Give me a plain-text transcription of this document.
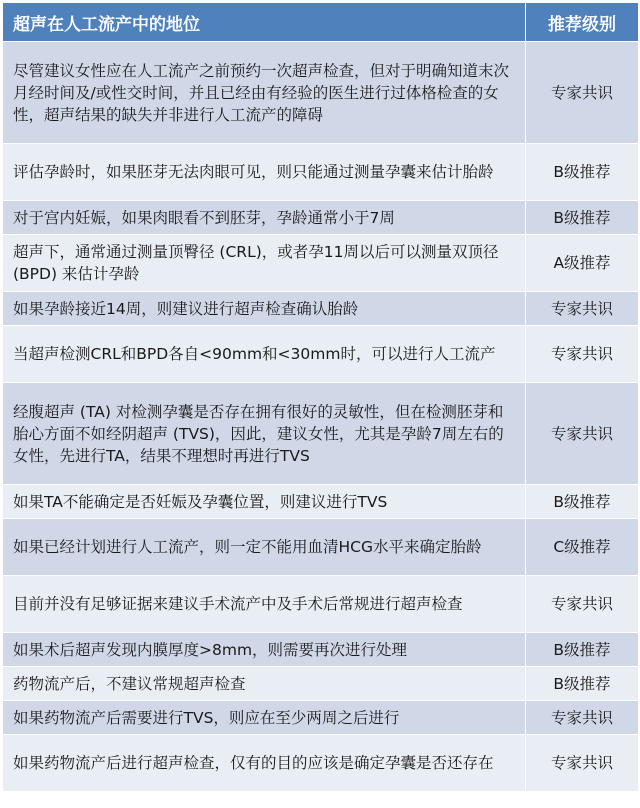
超声在人工流产中的地位	推荐级别
尽管建议女性应在人工流产之前预约一次超声检查，但对于明确知道末次月经时间及/或性交时间，并且已经由有经验的医生进行过体格检查的女性，超声结果的缺失并非进行人工流产的障碍	专家共识
评估孕龄时，如果胚芽无法肉眼可见，则只能通过测量孕囊来估计胎龄	B级推荐
对于宫内妊娠，如果肉眼看不到胚芽，孕龄通常小于7周	B级推荐
超声下，通常通过测量顶臀径 (CRL)，或者孕11周以后可以测量双顶径 (BPD) 来估计孕龄	A级推荐
如果孕龄接近14周，则建议进行超声检查确认胎龄	专家共识
当超声检测CRL和BPD各自<90mm和<30mm时，可以进行人工流产	专家共识
经腹超声 (TA) 对检测孕囊是否存在拥有很好的灵敏性，但在检测胚芽和胎心方面不如经阴超声 (TVS)，因此，建议女性，尤其是孕龄7周左右的女性，先进行TA，结果不理想时再进行TVS	专家共识
如果TA不能确定是否妊娠及孕囊位置，则建议进行TVS	B级推荐
如果已经计划进行人工流产，则一定不能用血清HCG水平来确定胎龄	C级推荐
目前并没有足够证据来建议手术流产中及手术后常规进行超声检查	专家共识
如果术后超声发现内膜厚度>8mm，则需要再次进行处理	B级推荐
药物流产后，不建议常规超声检查	B级推荐
如果药物流产后需要进行TVS，则应在至少两周之后进行	专家共识
如果药物流产后进行超声检查，仅有的目的应该是确定孕囊是否还存在	专家共识
